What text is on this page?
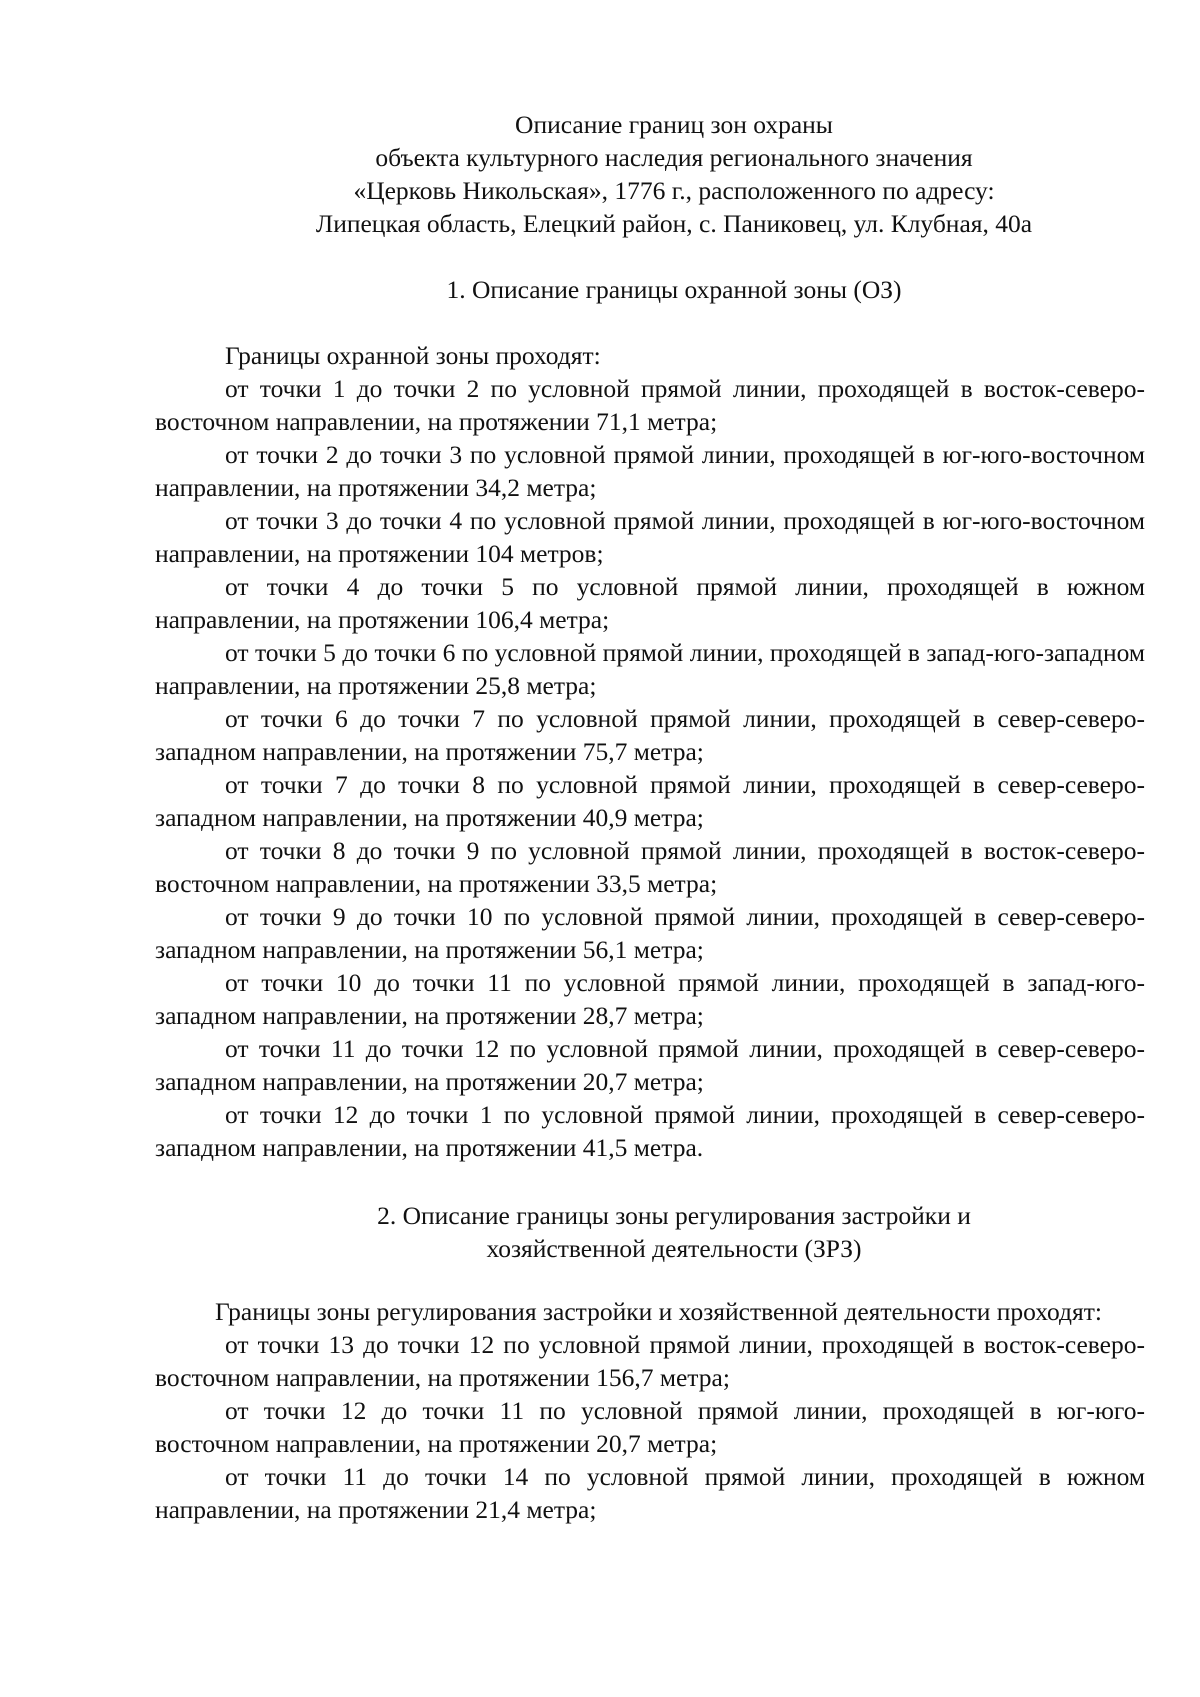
Описание границ зон охраны
объекта культурного наследия регионального значения
«Церковь Никольская», 1776 г., расположенного по адресу:
Липецкая область, Елецкий район, с. Паниковец, ул. Клубная, 40а
1. Описание границы охранной зоны (ОЗ)

Границы охранной зоны проходят:

от точки 1 до точки 2 по условной прямой линии, проходящей в восток-северо-восточном направлении, на протяжении 71,1 метра;

от точки 2 до точки 3 по условной прямой линии, проходящей в юг-юго-восточном направлении, на протяжении 34,2 метра;

от точки 3 до точки 4 по условной прямой линии, проходящей в юг-юго-восточном направлении, на протяжении 104 метров;

от точки 4 до точки 5 по условной прямой линии, проходящей в южном направлении, на протяжении 106,4 метра;

от точки 5 до точки 6 по условной прямой линии, проходящей в запад-юго-западном направлении, на протяжении 25,8 метра;

от точки 6 до точки 7 по условной прямой линии, проходящей в север-северо-западном направлении, на протяжении 75,7 метра;

от точки 7 до точки 8 по условной прямой линии, проходящей в север-северо-западном направлении, на протяжении 40,9 метра;

от точки 8 до точки 9 по условной прямой линии, проходящей в восток-северо-восточном направлении, на протяжении 33,5 метра;

от точки 9 до точки 10 по условной прямой линии, проходящей в север-северо-западном направлении, на протяжении 56,1 метра;

от точки 10 до точки 11 по условной прямой линии, проходящей в запад-юго-западном направлении, на протяжении 28,7 метра;

от точки 11 до точки 12 по условной прямой линии, проходящей в север-северо-западном направлении, на протяжении 20,7 метра;

от точки 12 до точки 1 по условной прямой линии, проходящей в север-северо-западном направлении, на протяжении 41,5 метра.

2. Описание границы зоны регулирования застройки и
хозяйственной деятельности (ЗРЗ)

Границы зоны регулирования застройки и хозяйственной деятельности проходят:

от точки 13 до точки 12 по условной прямой линии, проходящей в восток-северо-восточном направлении, на протяжении 156,7 метра;

от точки 12 до точки 11 по условной прямой линии, проходящей в юг-юго-восточном направлении, на протяжении 20,7 метра;

от точки 11 до точки 14 по условной прямой линии, проходящей в южном направлении, на протяжении 21,4 метра;
